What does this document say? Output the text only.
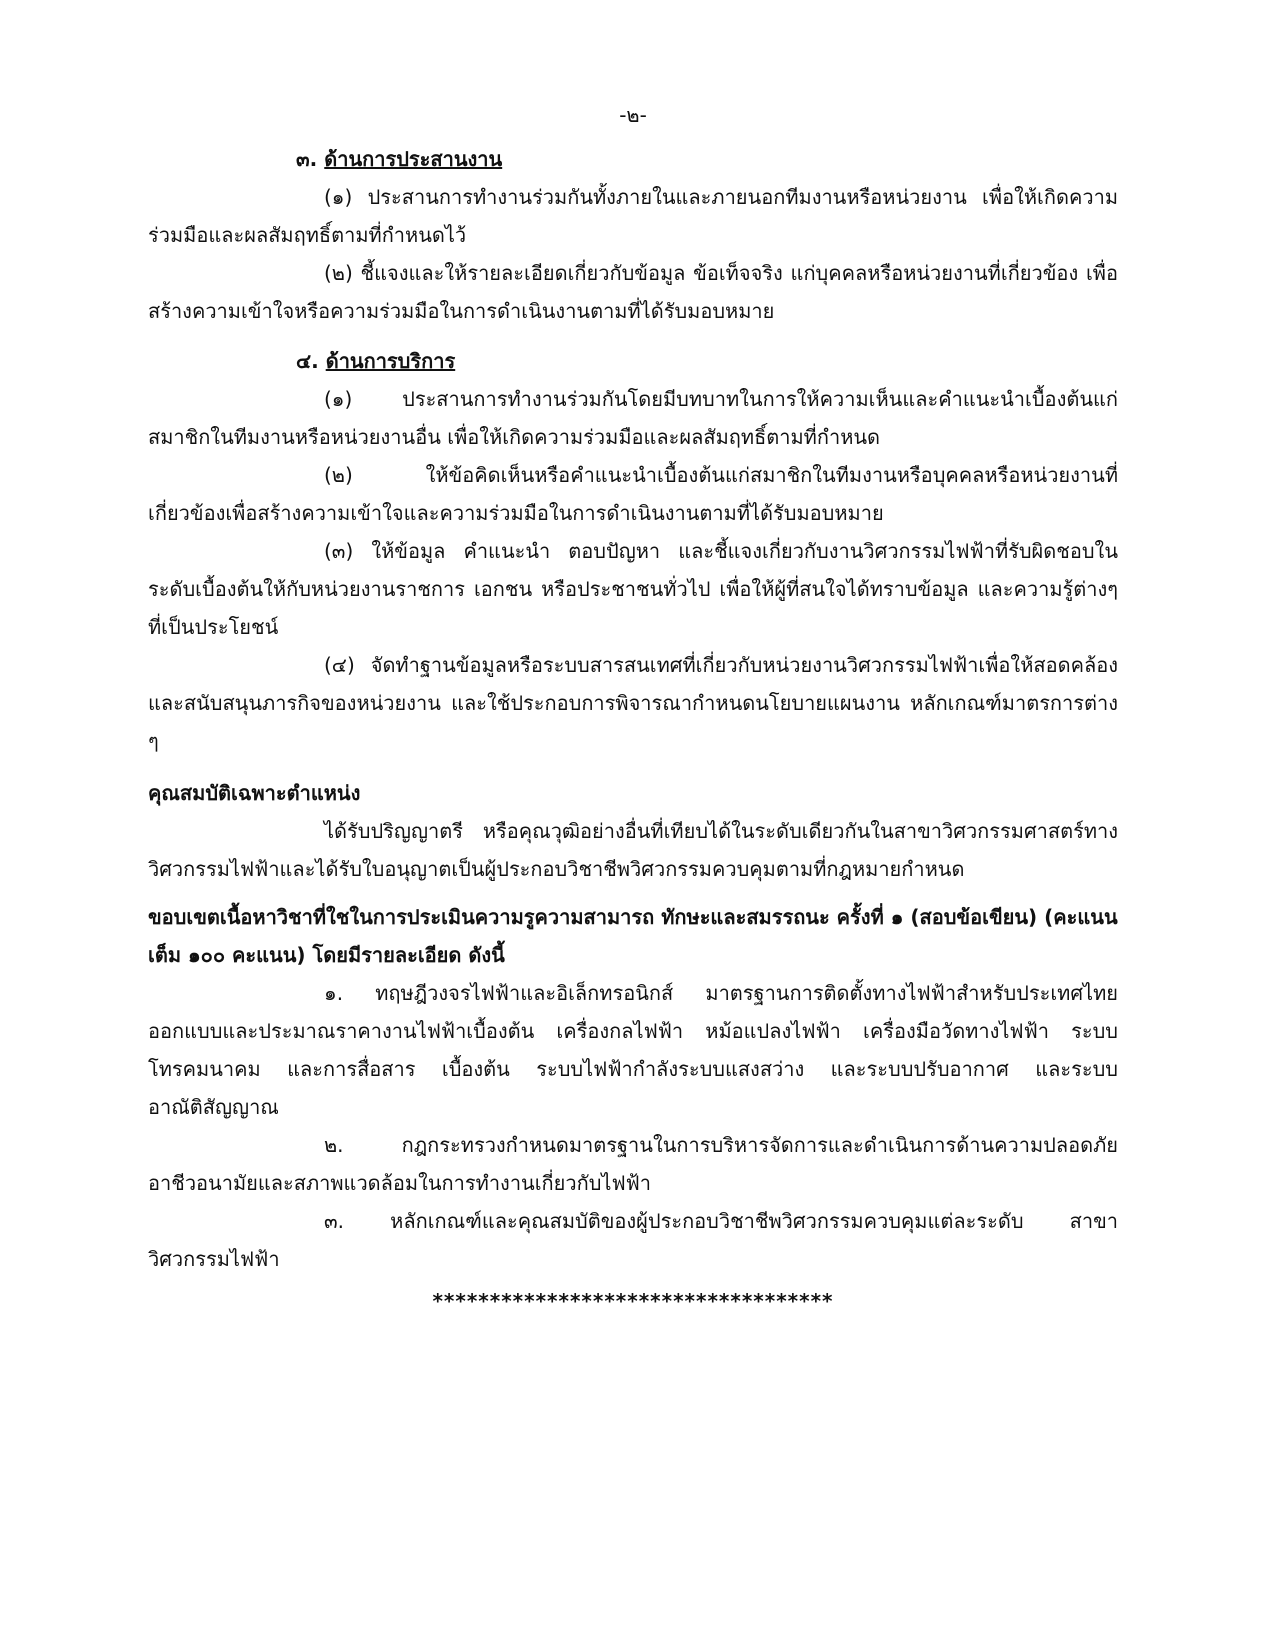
-๒-
๓. ด้านการประสานงาน

(๑) ประสานการทำงานร่วมกันทั้งภายในและภายนอกทีมงานหรือหน่วยงาน เพื่อให้เกิดความร่วมมือและผลสัมฤทธิ์ตามที่กำหนดไว้

(๒) ชี้แจงและให้รายละเอียดเกี่ยวกับข้อมูล ข้อเท็จจริง แก่บุคคลหรือหน่วยงานที่เกี่ยวข้อง เพื่อสร้างความเข้าใจหรือความร่วมมือในการดำเนินงานตามที่ได้รับมอบหมาย

๔. ด้านการบริการ

(๑) ประสานการทำงานร่วมกันโดยมีบทบาทในการให้ความเห็นและคำแนะนำเบื้องต้นแก่สมาชิกในทีมงานหรือหน่วยงานอื่น เพื่อให้เกิดความร่วมมือและผลสัมฤทธิ์ตามที่กำหนด

(๒) ให้ข้อคิดเห็นหรือคำแนะนำเบื้องต้นแก่สมาชิกในทีมงานหรือบุคคลหรือหน่วยงานที่เกี่ยวข้องเพื่อสร้างความเข้าใจและความร่วมมือในการดำเนินงานตามที่ได้รับมอบหมาย

(๓) ให้ข้อมูล คำแนะนำ ตอบปัญหา และชี้แจงเกี่ยวกับงานวิศวกรรมไฟฟ้าที่รับผิดชอบในระดับเบื้องต้นให้กับหน่วยงานราชการ เอกชน หรือประชาชนทั่วไป เพื่อให้ผู้ที่สนใจได้ทราบข้อมูล และความรู้ต่างๆ ที่เป็นประโยชน์

(๔) จัดทำฐานข้อมูลหรือระบบสารสนเทศที่เกี่ยวกับหน่วยงานวิศวกรรมไฟฟ้าเพื่อให้สอดคล้องและสนับสนุนภารกิจของหน่วยงาน และใช้ประกอบการพิจารณากำหนดนโยบายแผนงาน หลักเกณฑ์มาตรการต่าง ๆ

คุณสมบัติเฉพาะตำแหน่ง

ได้รับปริญญาตรี หรือคุณวุฒิอย่างอื่นที่เทียบได้ในระดับเดียวกันในสาขาวิศวกรรมศาสตร์ทางวิศวกรรมไฟฟ้าและได้รับใบอนุญาตเป็นผู้ประกอบวิชาชีพวิศวกรรมควบคุมตามที่กฎหมายกำหนด

ขอบเขตเนื้อหาวิชาที่ใชในการประเมินความรูความสามารถ ทักษะและสมรรถนะ ครั้งที่ ๑ (สอบข้อเขียน) (คะแนนเต็ม ๑๐๐ คะแนน) โดยมีรายละเอียด ดังนี้

๑. ทฤษฎีวงจรไฟฟ้าและอิเล็กทรอนิกส์ มาตรฐานการติดตั้งทางไฟฟ้าสำหรับประเทศไทย ออกแบบและประมาณราคางานไฟฟ้าเบื้องต้น เครื่องกลไฟฟ้า หม้อแปลงไฟฟ้า เครื่องมือวัดทางไฟฟ้า ระบบโทรคมนาคม และการสื่อสาร เบื้องต้น ระบบไฟฟ้ากำลังระบบแสงสว่าง และระบบปรับอากาศ และระบบอาณัติสัญญาณ

๒. กฎกระทรวงกำหนดมาตรฐานในการบริหารจัดการและดำเนินการด้านความปลอดภัย อาชีวอนามัยและสภาพแวดล้อมในการทำงานเกี่ยวกับไฟฟ้า

๓. หลักเกณฑ์และคุณสมบัติของผู้ประกอบวิชาชีพวิศวกรรมควบคุมแต่ละระดับ สาขาวิศวกรรมไฟฟ้า

***********************************
